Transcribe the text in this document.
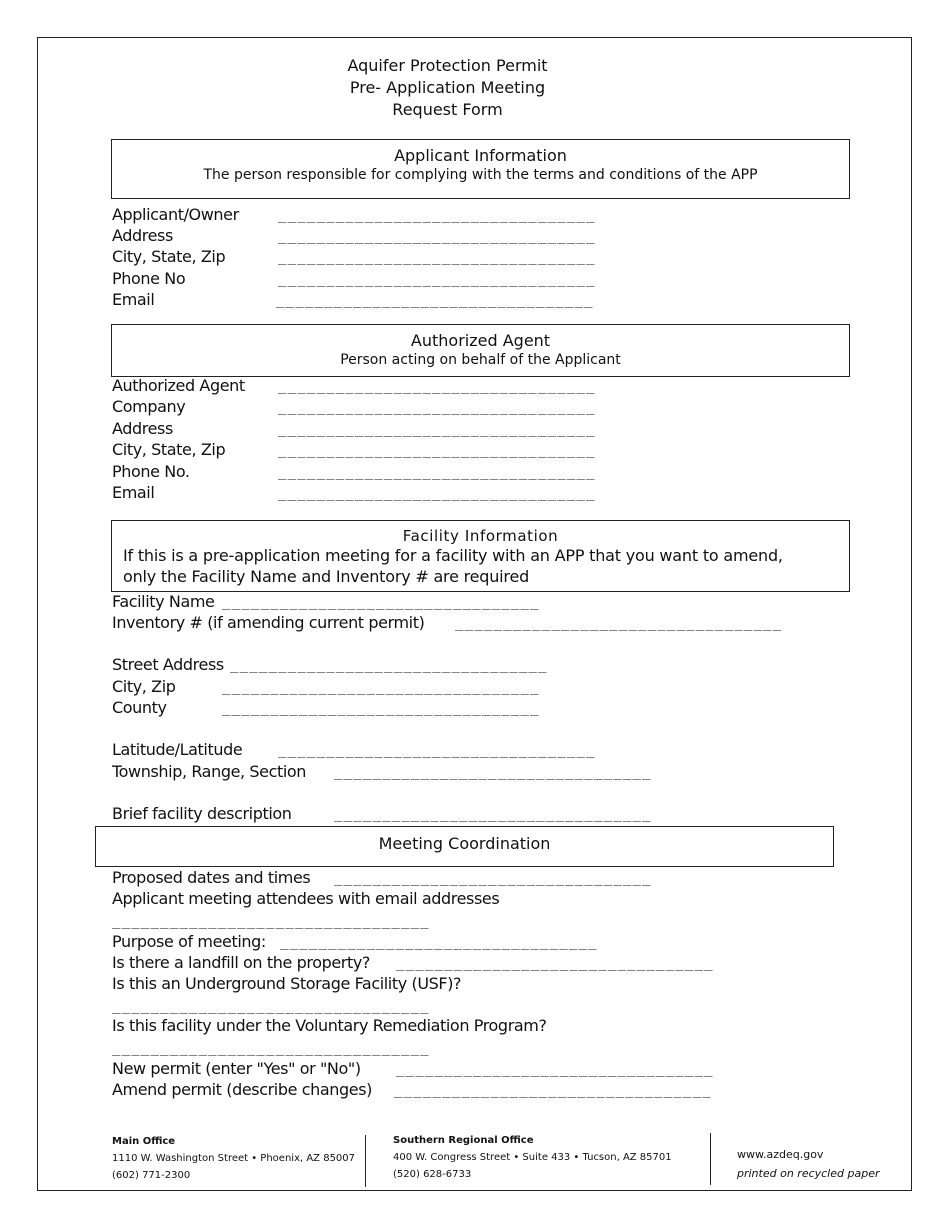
Aquifer Protection Permit
Pre- Application Meeting
Request Form
Applicant Information
The person responsible for complying with the terms and conditions of the APP
Applicant/Owner	_________________________________
Address	_________________________________
City, State, Zip	_________________________________
Phone No	_________________________________
Email	_________________________________
Authorized Agent
Person acting on behalf of the Applicant
Authorized Agent _________________________________
Company	_________________________________
Address	_________________________________
City, State, Zip	_________________________________
Phone No.	_________________________________
Email	_________________________________
Facility Information
If this is a pre-application meeting for a facility with an APP that you want to amend,
only the Facility Name and Inventory # are required
Facility Name _________________________________
Inventory # (if amending current permit) __________________________________
Street Address _________________________________
City, Zip	_________________________________
County	_________________________________
Latitude/Latitude	_________________________________
Township, Range, Section _________________________________
Brief facility description	_________________________________
Meeting Coordination
Proposed dates and times _________________________________
Applicant meeting attendees with email addresses
_________________________________
Purpose of meeting: _________________________________
Is there a landfill on the property? _________________________________
Is this an Underground Storage Facility (USF)?
_________________________________
Is this facility under the Voluntary Remediation Program?
_________________________________
New permit (enter "Yes" or "No")	_________________________________
Amend permit (describe changes) _________________________________
Main Office
1110 W. Washington Street • Phoenix, AZ 85007
(602) 771-2300
Southern Regional Office
400 W. Congress Street • Suite 433 • Tucson, AZ 85701
(520) 628-6733
www.azdeq.gov
printed on recycled paper
